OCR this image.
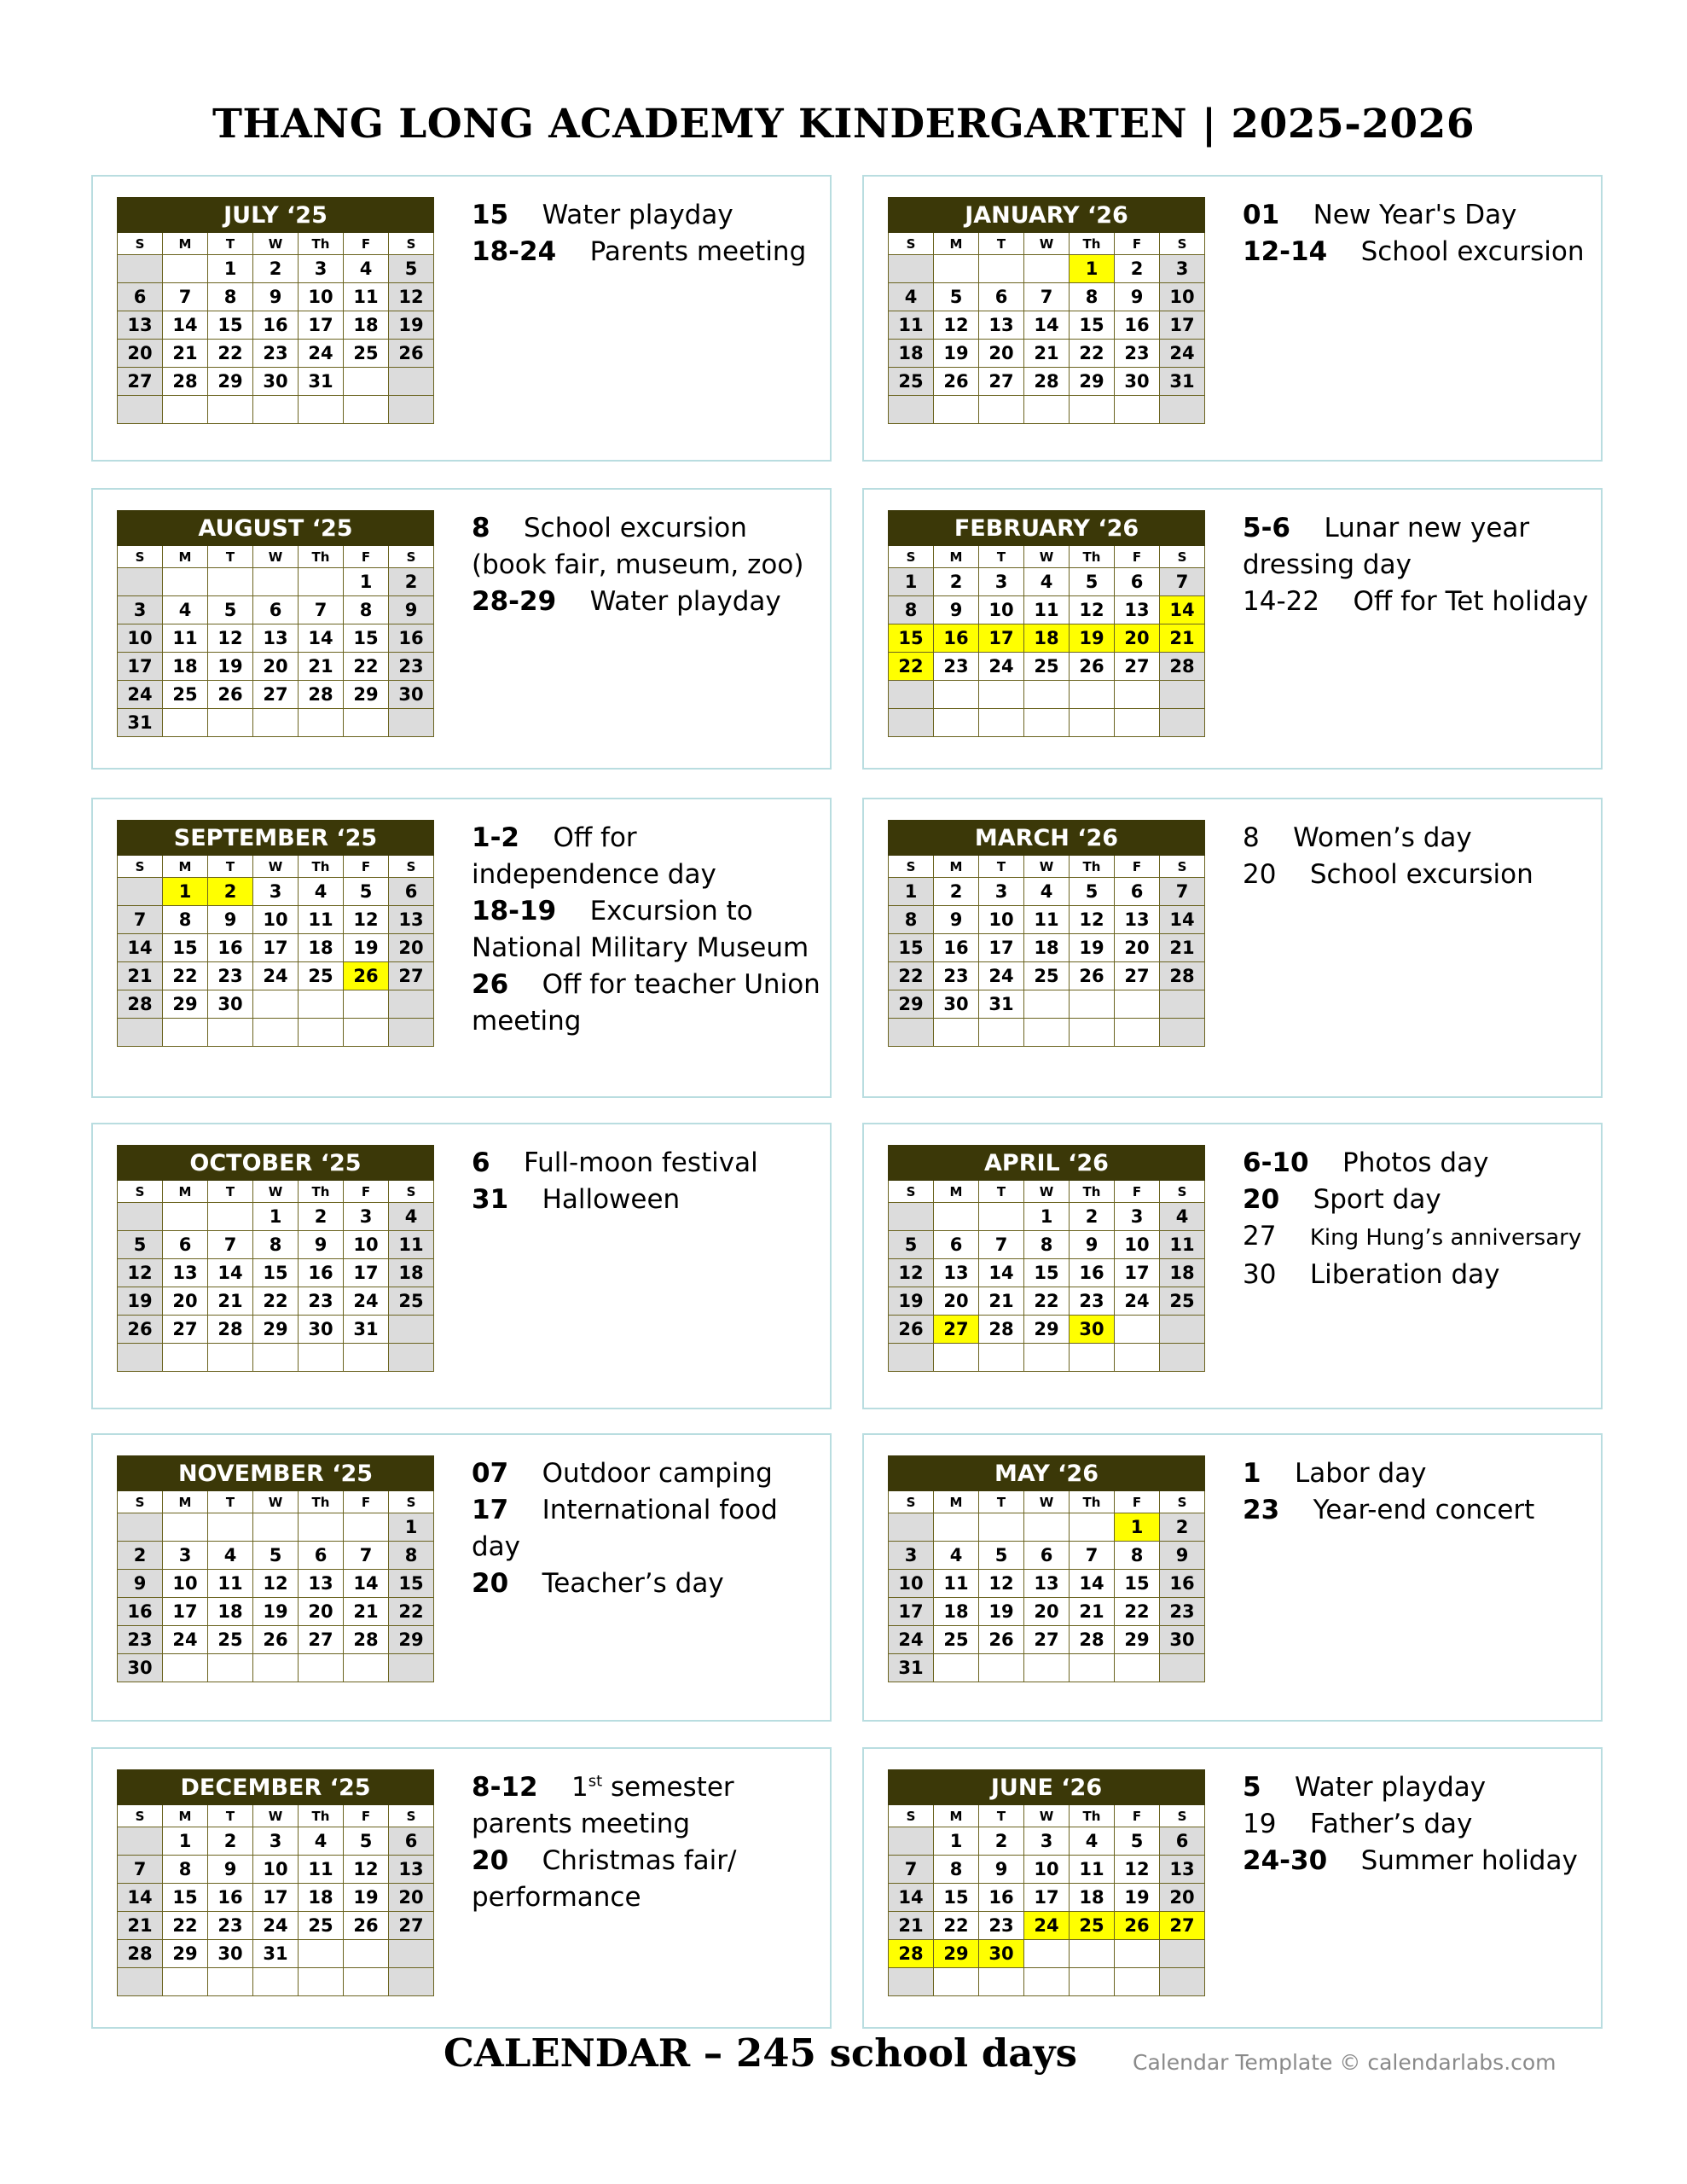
THANG LONG ACADEMY KINDERGARTEN | 2025-2026
JULY ‘25						
S	M	T	W	Th	F	S
		1	2	3	4	5
6	7	8	9	10	11	12
13	14	15	16	17	18	19
20	21	22	23	24	25	26
27	28	29	30	31		

15 Water playday
18-24 Parents meeting
JANUARY ‘26						
S	M	T	W	Th	F	S
				1	2	3
4	5	6	7	8	9	10
11	12	13	14	15	16	17
18	19	20	21	22	23	24
25	26	27	28	29	30	31

01 New Year's Day
12-14 School excursion
AUGUST ‘25						
S	M	T	W	Th	F	S
					1	2
3	4	5	6	7	8	9
10	11	12	13	14	15	16
17	18	19	20	21	22	23
24	25	26	27	28	29	30
31						
8 School excursion (book fair, museum, zoo)
28-29 Water playday
FEBRUARY ‘26						
S	M	T	W	Th	F	S
1	2	3	4	5	6	7
8	9	10	11	12	13	14
15	16	17	18	19	20	21
22	23	24	25	26	27	28

5-6 Lunar new year dressing day
14-22 Off for Tet holiday
SEPTEMBER ‘25						
S	M	T	W	Th	F	S
	1	2	3	4	5	6
7	8	9	10	11	12	13
14	15	16	17	18	19	20
21	22	23	24	25	26	27
28	29	30				

1-2 Off for independence day
18-19 Excursion to National Military Museum
26 Off for teacher Union meeting
MARCH ‘26						
S	M	T	W	Th	F	S
1	2	3	4	5	6	7
8	9	10	11	12	13	14
15	16	17	18	19	20	21
22	23	24	25	26	27	28
29	30	31				

8 Women’s day
20 School excursion
OCTOBER ‘25						
S	M	T	W	Th	F	S
			1	2	3	4
5	6	7	8	9	10	11
12	13	14	15	16	17	18
19	20	21	22	23	24	25
26	27	28	29	30	31	

6 Full-moon festival
31 Halloween
APRIL ‘26						
S	M	T	W	Th	F	S
			1	2	3	4
5	6	7	8	9	10	11
12	13	14	15	16	17	18
19	20	21	22	23	24	25
26	27	28	29	30		

6-10 Photos day
20 Sport day
27 King Hung’s anniversary
30 Liberation day
NOVEMBER ‘25						
S	M	T	W	Th	F	S
						1
2	3	4	5	6	7	8
9	10	11	12	13	14	15
16	17	18	19	20	21	22
23	24	25	26	27	28	29
30						
07 Outdoor camping
17 International food day
20 Teacher’s day
MAY ‘26						
S	M	T	W	Th	F	S
					1	2
3	4	5	6	7	8	9
10	11	12	13	14	15	16
17	18	19	20	21	22	23
24	25	26	27	28	29	30
31						
1 Labor day
23 Year-end concert
DECEMBER ‘25						
S	M	T	W	Th	F	S
	1	2	3	4	5	6
7	8	9	10	11	12	13
14	15	16	17	18	19	20
21	22	23	24	25	26	27
28	29	30	31			

8-12 1st semester parents meeting
20 Christmas fair/ performance
JUNE ‘26						
S	M	T	W	Th	F	S
	1	2	3	4	5	6
7	8	9	10	11	12	13
14	15	16	17	18	19	20
21	22	23	24	25	26	27
28	29	30				

5 Water playday
19 Father’s day
24-30 Summer holiday
CALENDAR – 245 school days	Calendar Template © calendarlabs.com
